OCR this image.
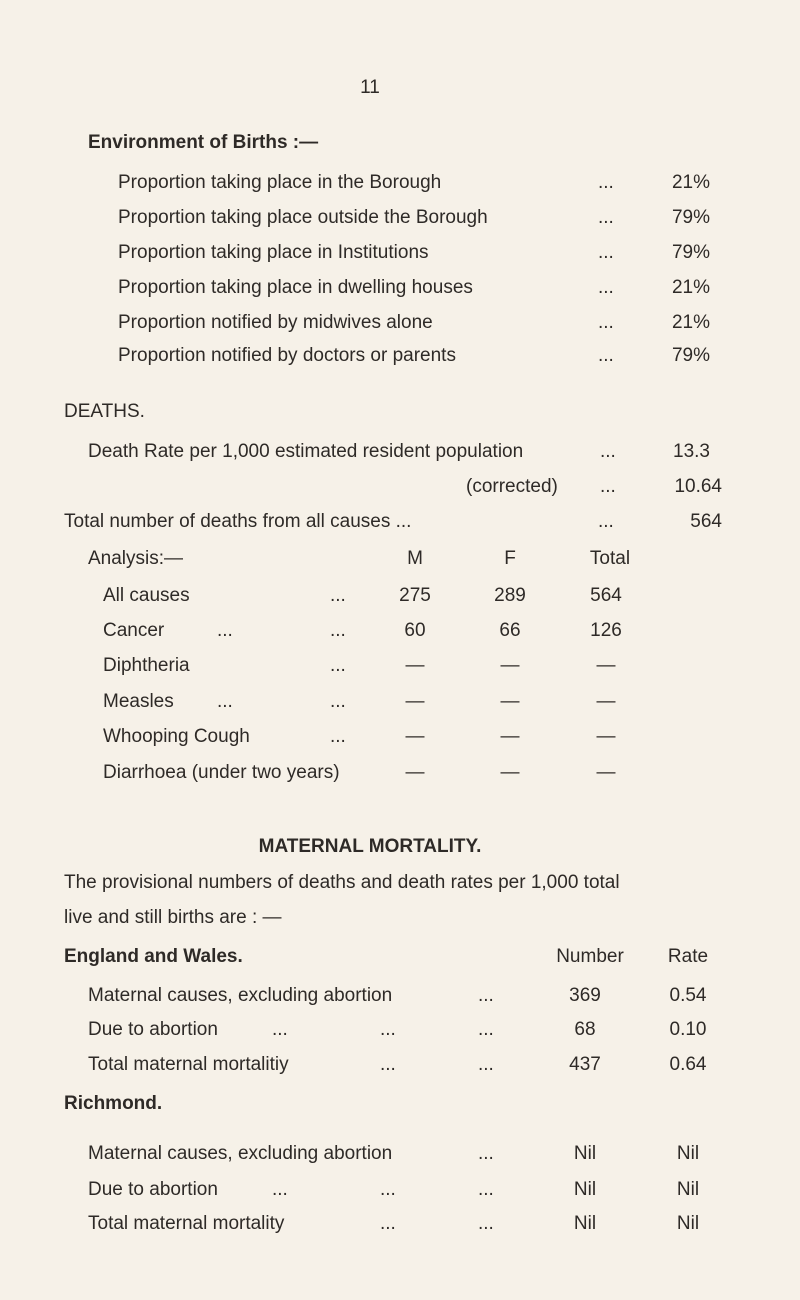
11
Environment of Births :—
Proportion taking place in the Borough	...	21%
Proportion taking place outside the Borough	...	79%
Proportion taking place in Institutions	...	79%
Proportion taking place in dwelling houses	...	21%
Proportion notified by midwives alone	...	21%
Proportion notified by doctors or parents	...	79%
DEATHS.
Death Rate per 1,000 estimated resident population	...	13.3
(corrected) ...	10.64
Total number of deaths from all causes ...	...	564
Analysis:—	M	F	Total
All causes	...	275	289	564
Cancer	...	...	60	66	126
Diphtheria	...	—	—	—
Measles ...	...	—	—	—
Whooping Cough	...	—	—	—
Diarrhoea (under two years)	—	—	—
MATERNAL MORTALITY.
The provisional numbers of deaths and death rates per 1,000 total
live and still births are : —
England and Wales.	Number	Rate
Maternal causes, excluding abortion	...	369	0.54
Due to abortion	...	...	...	68	0.10
Total maternal mortalitiy	...	...	437	0.64
Richmond.
Maternal causes, excluding abortion	...	Nil	Nil
Due to abortion	...	...	...	Nil	Nil
Total maternal mortality	...	...	Nil	Nil
